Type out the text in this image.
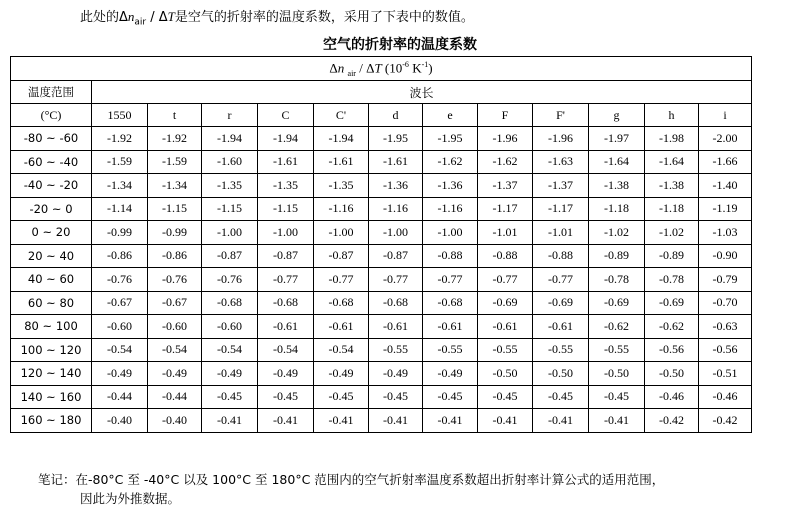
此处的$\Delta n_{air}$ / ΔT是空气的折射率的温度系数，采用了下表中的数值。
空气的折射率的温度系数
Δn $_{air}$ / ΔT ($10^{-6}$ $K^{-1}$)												
温度范围	波长											
(°C)	1550	t	r	C	C'	d	e	F	F'	g	h	i
-80 ~ -60	-1.92	-1.92	-1.94	-1.94	-1.94	-1.95	-1.95	-1.96	-1.96	-1.97	-1.98	-2.00
-60 ~ -40	-1.59	-1.59	-1.60	-1.61	-1.61	-1.61	-1.62	-1.62	-1.63	-1.64	-1.64	-1.66
-40 ~ -20	-1.34	-1.34	-1.35	-1.35	-1.35	-1.36	-1.36	-1.37	-1.37	-1.38	-1.38	-1.40
-20 ~ 0	-1.14	-1.15	-1.15	-1.15	-1.16	-1.16	-1.16	-1.17	-1.17	-1.18	-1.18	-1.19
0 ~ 20	-0.99	-0.99	-1.00	-1.00	-1.00	-1.00	-1.00	-1.01	-1.01	-1.02	-1.02	-1.03
20 ~ 40	-0.86	-0.86	-0.87	-0.87	-0.87	-0.87	-0.88	-0.88	-0.88	-0.89	-0.89	-0.90
40 ~ 60	-0.76	-0.76	-0.76	-0.77	-0.77	-0.77	-0.77	-0.77	-0.77	-0.78	-0.78	-0.79
60 ~ 80	-0.67	-0.67	-0.68	-0.68	-0.68	-0.68	-0.68	-0.69	-0.69	-0.69	-0.69	-0.70
80 ~ 100	-0.60	-0.60	-0.60	-0.61	-0.61	-0.61	-0.61	-0.61	-0.61	-0.62	-0.62	-0.63
100 ~ 120	-0.54	-0.54	-0.54	-0.54	-0.54	-0.55	-0.55	-0.55	-0.55	-0.55	-0.56	-0.56
120 ~ 140	-0.49	-0.49	-0.49	-0.49	-0.49	-0.49	-0.49	-0.50	-0.50	-0.50	-0.50	-0.51
140 ~ 160	-0.44	-0.44	-0.45	-0.45	-0.45	-0.45	-0.45	-0.45	-0.45	-0.45	-0.46	-0.46
160 ~ 180	-0.40	-0.40	-0.41	-0.41	-0.41	-0.41	-0.41	-0.41	-0.41	-0.41	-0.42	-0.42
笔记：在-80°C 至 -40°C 以及 100°C 至 180°C 范围内的空气折射率温度系数超出折射率计算公式的适用范围，
因此为外推数据。
